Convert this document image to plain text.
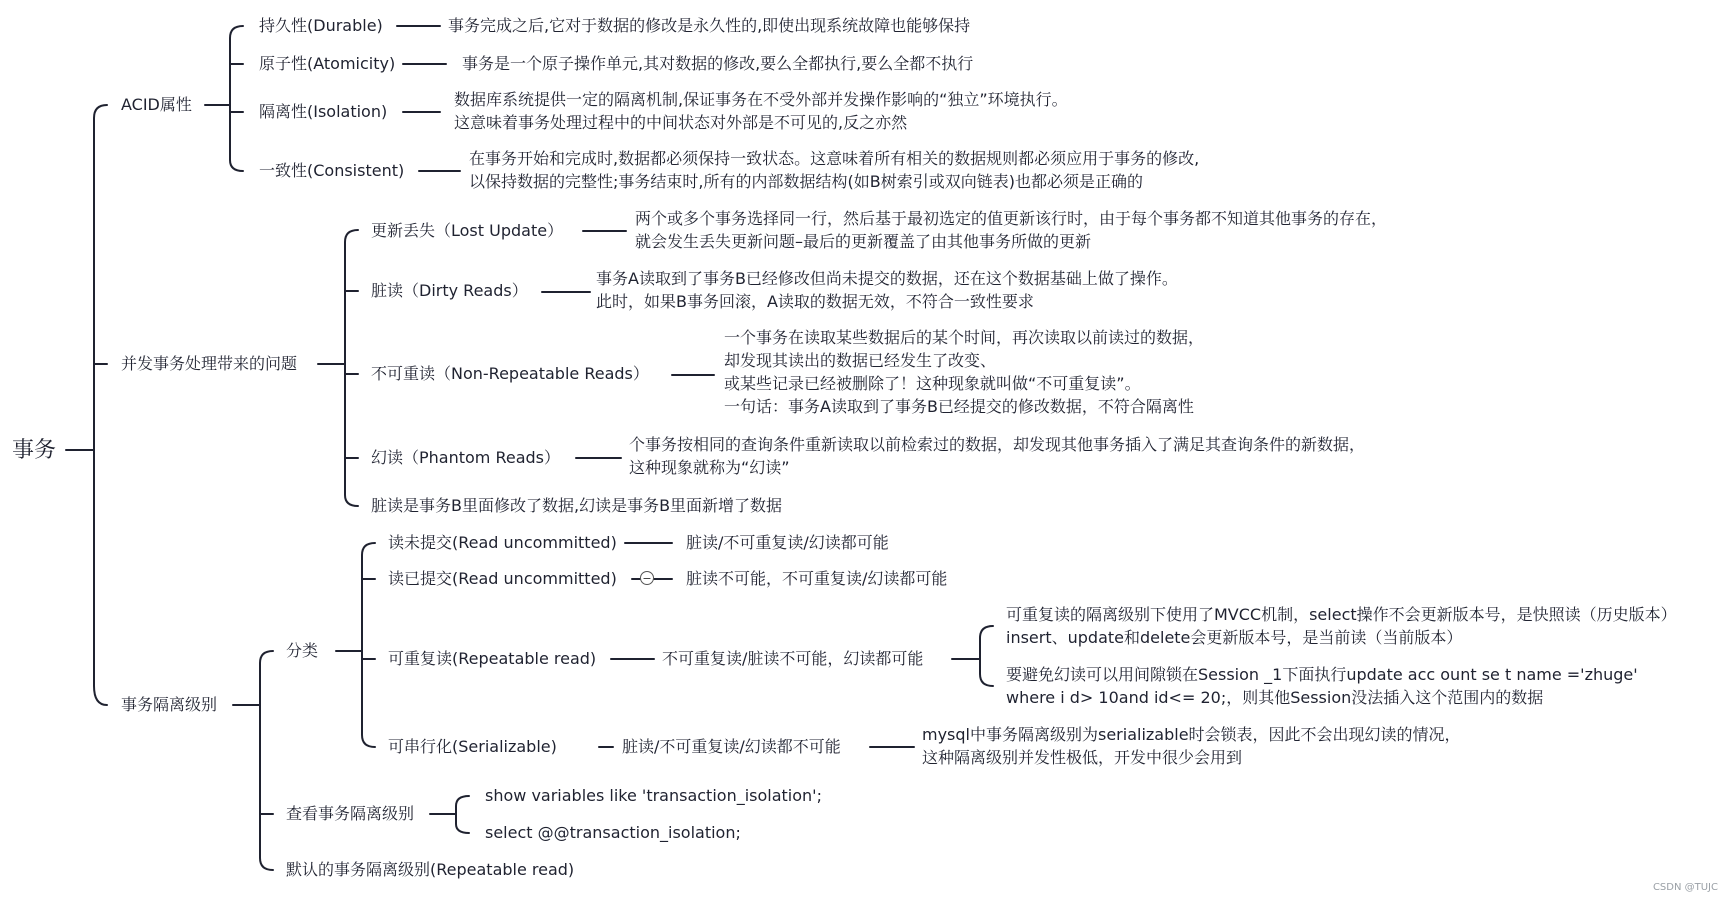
事务
ACID属性
持久性(Durable)	事务完成之后,它对于数据的修改是永久性的,即使出现系统故障也能够保持
原子性(Atomicity)	事务是一个原子操作单元,其对数据的修改,要么全都执行,要么全都不执行
隔离性(Isolation)
数据库系统提供一定的隔离机制,保证事务在不受外部并发操作影响的“独立”环境执行。
这意味着事务处理过程中的中间状态对外部是不可见的,反之亦然
一致性(Consistent)
在事务开始和完成时,数据都必须保持一致状态。这意味着所有相关的数据规则都必须应用于事务的修改,
以保持数据的完整性;事务结束时,所有的内部数据结构(如B树索引或双向链表)也都必须是正确的
并发事务处理带来的问题
更新丢失（Lost Update）
两个或多个事务选择同一行，然后基于最初选定的值更新该行时，由于每个事务都不知道其他事务的存在，
就会发生丢失更新问题–最后的更新覆盖了由其他事务所做的更新
脏读（Dirty Reads）
事务A读取到了事务B已经修改但尚未提交的数据，还在这个数据基础上做了操作。
此时，如果B事务回滚，A读取的数据无效，不符合一致性要求
不可重读（Non-Repeatable Reads）
一个事务在读取某些数据后的某个时间，再次读取以前读过的数据，
却发现其读出的数据已经发生了改变、
或某些记录已经被删除了！这种现象就叫做“不可重复读”。
一句话：事务A读取到了事务B已经提交的修改数据，不符合隔离性
幻读（Phantom Reads）
个事务按相同的查询条件重新读取以前检索过的数据，却发现其他事务插入了满足其查询条件的新数据，
这种现象就称为“幻读”
脏读是事务B里面修改了数据,幻读是事务B里面新增了数据
事务隔离级别
分类
读未提交(Read uncommitted)	脏读/不可重复读/幻读都可能
读已提交(Read uncommitted) − 脏读不可能，不可重复读/幻读都可能
可重复读(Repeatable read)	不可重复读/脏读不可能，幻读都可能
可重复读的隔离级别下使用了MVCC机制，select操作不会更新版本号，是快照读（历史版本）
insert、update和delete会更新版本号，是当前读（当前版本）
要避免幻读可以用间隙锁在Session _1下面执行update acc ount se t name ='zhuge'
where i d> 10and id<= 20;，则其他Session没法插入这个范围内的数据
可串行化(Serializable)	脏读/不可重复读/幻读都不可能
mysql中事务隔离级别为serializable时会锁表，因此不会出现幻读的情况，
这种隔离级别并发性极低，开发中很少会用到
查看事务隔离级别
show variables like 'transaction_isolation';
select @@transaction_isolation;
默认的事务隔离级别(Repeatable read)
CSDN @TUJC
